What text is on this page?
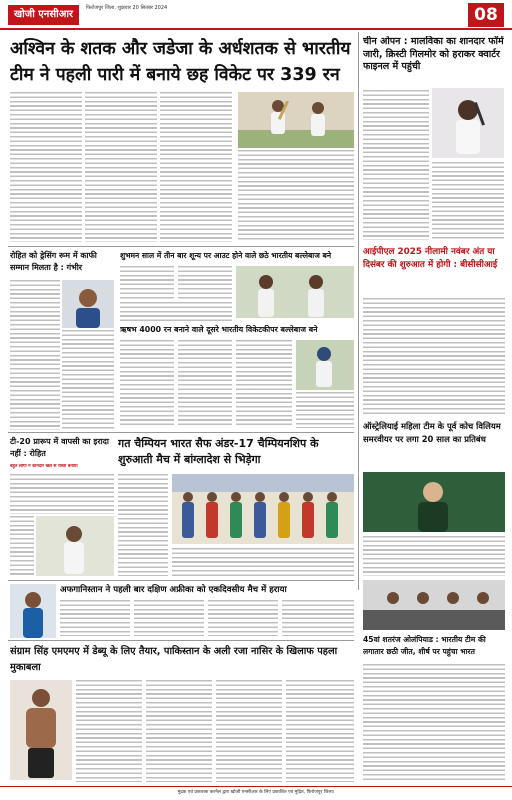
खोजी एनसीआर
फिरोजपुर जिला, शुक्रवार 20 सितंबर 2024	08
अश्विन के शतक और जडेजा के अर्धशतक से भारतीय टीम ने पहली पारी में बनाये छह विकेट पर 339 रन
चीन ओपन : मालविका का शानदार फॉर्म जारी, क्रिस्टी गिलमोर को हराकर क्वार्टर फाइनल में पहुंची
रोहित को ड्रेसिंग रूम में काफी सम्मान मिलता है : गंभीर
शुभमन साल में तीन बार शून्य पर आउट होने वाले छठे भारतीय बल्लेबाज बने	आईपीएल 2025 नीलामी नवंबर अंत या दिसंबर की शुरुआत में होगी : बीसीसीआई
ऋषभ 4000 रन बनाने वाले दूसरे भारतीय विकेटकीपर बल्लेबाज बने
ऑस्ट्रेलियाई महिला टीम के पूर्व कोच विलियम समरवीयर पर लगा 20 साल का प्रतिबंध
टी-20 प्रारूप में वापसी का इरादा नहीं : रोहित
बहुत लोगों ने शानदार खेल से रास्ता बनाया
गत चैम्पियन भारत सैफ अंडर-17 चैम्पियनशिप के शुरुआती मैच में बांग्लादेश से भिड़ेगा
अफगानिस्तान ने पहली बार दक्षिण अफ्रीका को एकदिवसीय मैच में हराया
45वां शतरंज ओलंपियाड : भारतीय टीम की लगातार छठी जीत, शीर्ष पर पहुंचा भारत
संग्राम सिंह एमएमए में डेब्यू के लिए तैयार, पाकिस्तान के अली रजा नासिर के खिलाफ पहला मुकाबला
मुद्रक एवं प्रकाशक करनैल द्वारा खोजी एनसीआर के लिए प्रकाशित एवं मुद्रित, फिरोजपुर जिला।
